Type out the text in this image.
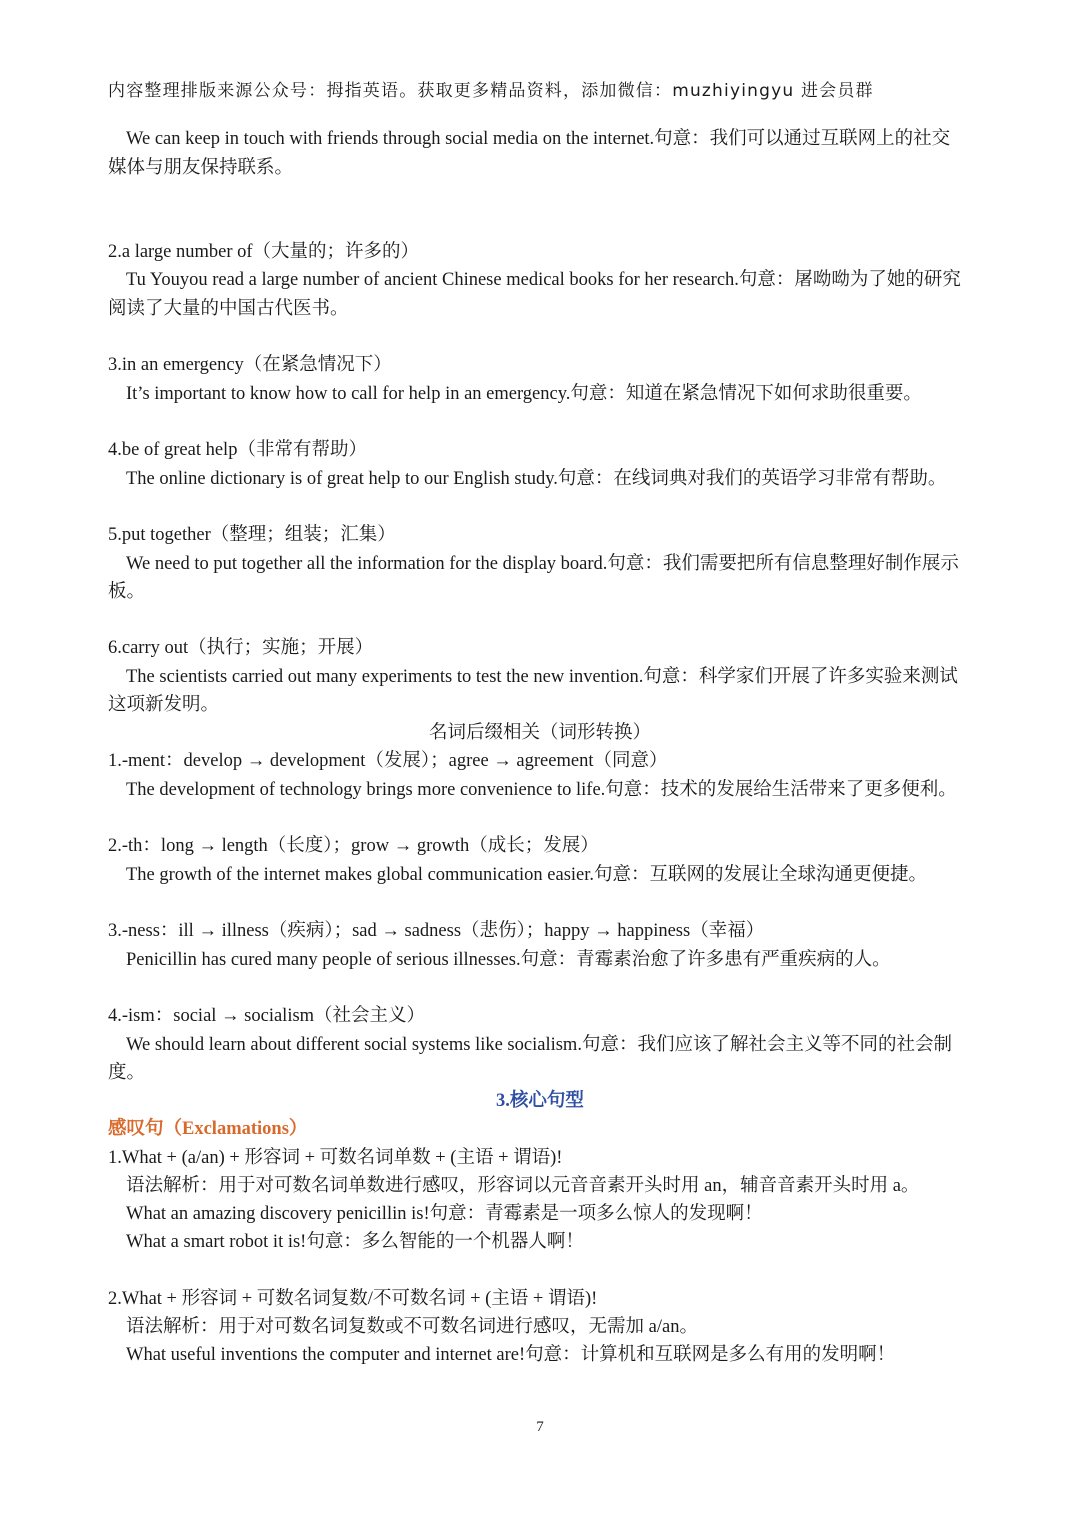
内容整理排版来源公众号：拇指英语。获取更多精品资料，添加微信：muzhiyingyu 进会员群
We can keep in touch with friends through social media on the internet.句意：我们可以通过互联网上的社交
媒体与朋友保持联系。
2.a large number of（大量的；许多的）
Tu Youyou read a large number of ancient Chinese medical books for her research.句意：屠呦呦为了她的研究
阅读了大量的中国古代医书。
3.in an emergency（在紧急情况下）
It’s important to know how to call for help in an emergency.句意：知道在紧急情况下如何求助很重要。
4.be of great help（非常有帮助）
The online dictionary is of great help to our English study.句意：在线词典对我们的英语学习非常有帮助。
5.put together（整理；组装；汇集）
We need to put together all the information for the display board.句意：我们需要把所有信息整理好制作展示
板。
6.carry out（执行；实施；开展）
The scientists carried out many experiments to test the new invention.句意：科学家们开展了许多实验来测试
这项新发明。
名词后缀相关（词形转换）
1.-ment：develop → development（发展）；agree → agreement（同意）
The development of technology brings more convenience to life.句意：技术的发展给生活带来了更多便利。
2.-th：long → length（长度）；grow → growth（成长；发展）
The growth of the internet makes global communication easier.句意：互联网的发展让全球沟通更便捷。
3.-ness：ill → illness（疾病）；sad → sadness（悲伤）；happy → happiness（幸福）
Penicillin has cured many people of serious illnesses.句意：青霉素治愈了许多患有严重疾病的人。
4.-ism：social → socialism（社会主义）
We should learn about different social systems like socialism.句意：我们应该了解社会主义等不同的社会制
度。
3.核心句型
感叹句（Exclamations）
1.What + (a/an) + 形容词 + 可数名词单数 + (主语 + 谓语)!
语法解析：用于对可数名词单数进行感叹，形容词以元音音素开头时用 an，辅音音素开头时用 a。
What an amazing discovery penicillin is!句意：青霉素是一项多么惊人的发现啊！
What a smart robot it is!句意：多么智能的一个机器人啊！
2.What + 形容词 + 可数名词复数/不可数名词 + (主语 + 谓语)!
语法解析：用于对可数名词复数或不可数名词进行感叹，无需加 a/an。
What useful inventions the computer and internet are!句意：计算机和互联网是多么有用的发明啊！
7
